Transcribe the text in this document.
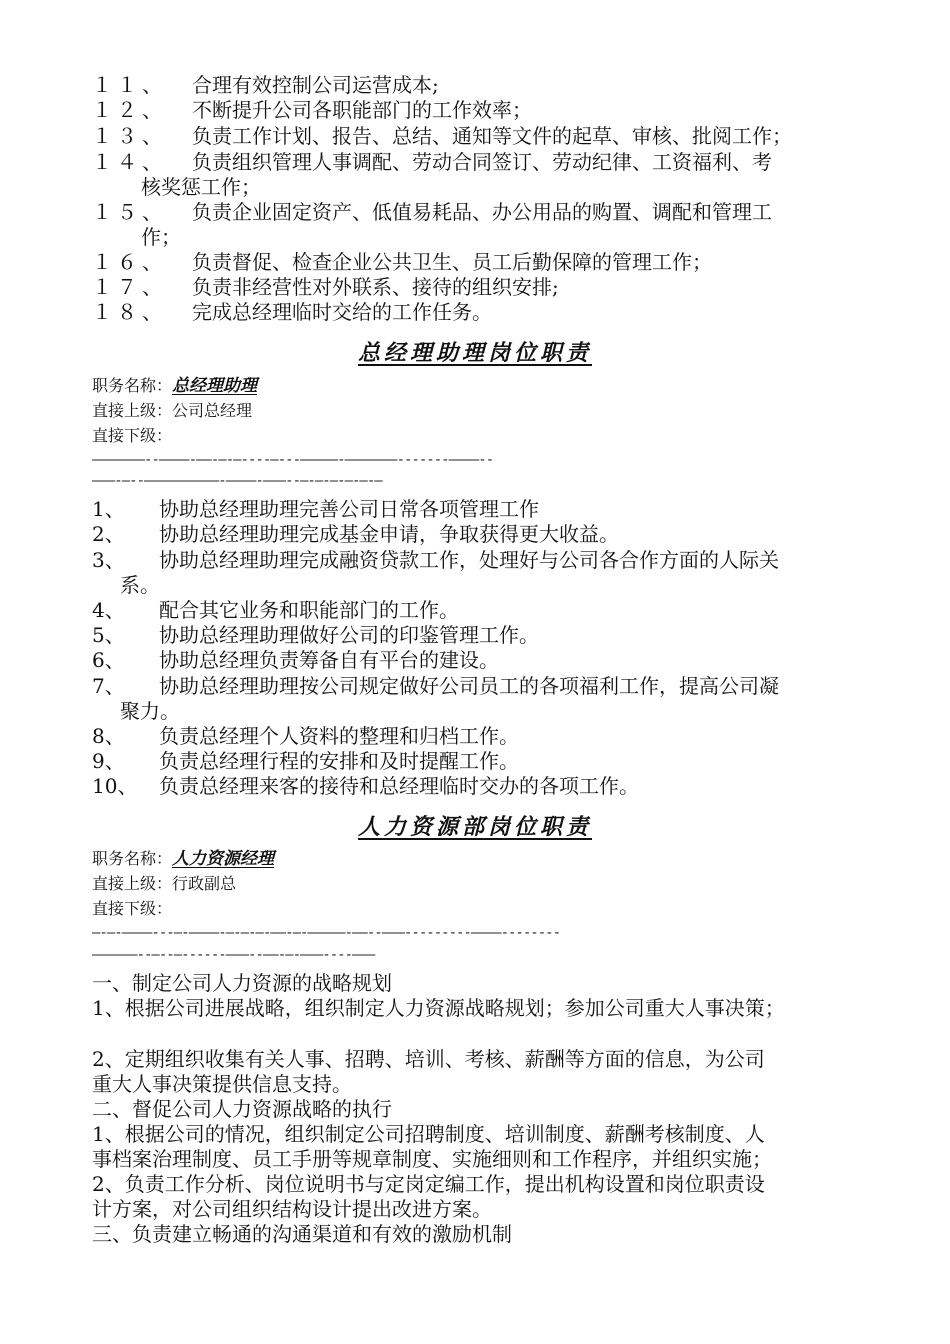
１１、 合理有效控制公司运营成本;
１２、 不断提升公司各职能部门的工作效率；
１３、 负责工作计划、报告、总结、通知等文件的起草、审核、批阅工作；
１４、 负责组织管理人事调配、劳动合同签订、劳动纪律、工资福利、考
核奖惩工作；
１５、 负责企业固定资产、低值易耗品、办公用品的购置、调配和管理工
作；
１６、 负责督促、检查企业公共卫生、员工后勤保障的管理工作；
１７、 负责非经营性对外联系、接待的组织安排;
１８、 完成总经理临时交给的工作任务。
总经理助理岗位职责
职务名称：总经理助理
直接上级：公司总经理
直接下级：
———————--————-——-—-—----—---—————-———————-------————--
———-—--——————————-————-———--—-—-—-—-—-—
1、 协助总经理助理完善公司日常各项管理工作
2、 协助总经理助理完成基金申请，争取获得更大收益。
3、 协助总经理助理完成融资贷款工作，处理好与公司各合作方面的人际关
系。
4、 配合其它业务和职能部门的工作。
5、 协助总经理助理做好公司的印鉴管理工作。
6、 协助总经理负责筹备自有平台的建设。
7、 协助总经理助理按公司规定做好公司员工的各项福利工作，提高公司凝
聚力。
8、 负责总经理个人资料的整理和归档工作。
9、 负责总经理行程的安排和及时提醒工作。
10、 负责总经理来客的接待和总经理临时交办的各项工作。
人力资源部岗位职责
职务名称：人力资源经理
直接上级：行政副总
直接下级：
—-—-————---—-————-—-—-—-——-—-—————-——--———---------————--------
——————--—--—------———--——-—-———----———
一、制定公司人力资源的战略规划
1、根据公司进展战略，组织制定人力资源战略规划；参加公司重大人事决策；
2、定期组织收集有关人事、招聘、培训、考核、薪酬等方面的信息，为公司
重大人事决策提供信息支持。
二、督促公司人力资源战略的执行
1、根据公司的情况，组织制定公司招聘制度、培训制度、薪酬考核制度、人
事档案治理制度、员工手册等规章制度、实施细则和工作程序，并组织实施；
2、负责工作分析、岗位说明书与定岗定编工作，提出机构设置和岗位职责设
计方案，对公司组织结构设计提出改进方案。
三、负责建立畅通的沟通渠道和有效的激励机制
